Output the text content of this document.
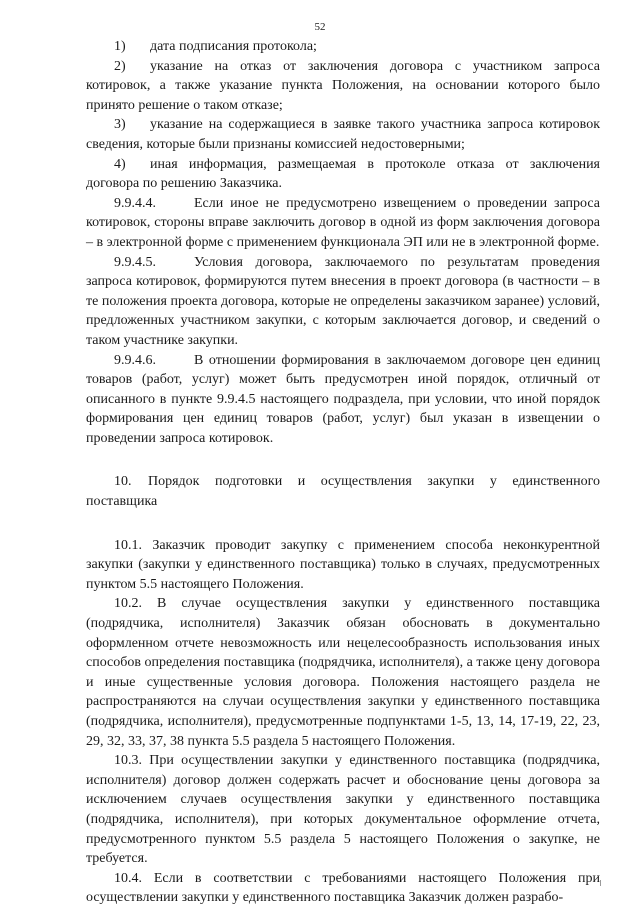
52

1) дата подписания протокола;

2) указание на отказ от заключения договора с участником запроса котировок, а также указание пункта Положения, на основании которого было принято решение о таком отказе;

3) указание на содержащиеся в заявке такого участника запроса котировок сведения, которые были признаны комиссией недостоверными;

4) иная информация, размещаемая в протоколе отказа от заключения договора по решению Заказчика.

9.9.4.4.	Если иное не предусмотрено извещением о проведении запроса котировок, стороны вправе заключить договор в одной из форм заключения договора – в электронной форме с применением функционала ЭП или не в электронной форме.

9.9.4.5.	Условия договора, заключаемого по результатам проведения запроса котировок, формируются путем внесения в проект договора (в частности – в те положения проекта договора, которые не определены заказчиком заранее) условий, предложенных участником закупки, с которым заключается договор, и сведений о таком участнике закупки.

9.9.4.6.	В отношении формирования в заключаемом договоре цен единиц товаров (работ, услуг) может быть предусмотрен иной порядок, отличный от описанного в пункте 9.9.4.5 настоящего подраздела, при условии, что иной порядок формирования цен единиц товаров (работ, услуг) был указан в извещении о проведении запроса котировок.

10. Порядок подготовки и осуществления закупки у единственного поставщика

10.1. Заказчик проводит закупку с применением способа неконкурентной закупки (закупки у единственного поставщика) только в случаях, предусмотренных пунктом 5.5 настоящего Положения.

10.2. В случае осуществления закупки у единственного поставщика (подрядчика, исполнителя) Заказчик обязан обосновать в документально оформленном отчете невозможность или нецелесообразность использования иных способов определения поставщика (подрядчика, исполнителя), а также цену договора и иные существенные условия договора. Положения настоящего раздела не распространяются на случаи осуществления закупки у единственного поставщика (подрядчика, исполнителя), предусмотренные подпунктами 1-5, 13, 14, 17-19, 22, 23, 29, 32, 33, 37, 38 пункта 5.5 раздела 5 настоящего Положения.

10.3. При осуществлении закупки у единственного поставщика (подрядчика, исполнителя) договор должен содержать расчет и обоснование цены договора за исключением случаев осуществления закупки у единственного поставщика (подрядчика, исполнителя), при которых документальное оформление отчета, предусмотренного пунктом 5.5 раздела 5 настоящего Положения о закупке, не требуется.

10.4. Если в соответствии с требованиями настоящего Положения при осуществлении закупки у единственного поставщика Заказчик должен разрабо-
